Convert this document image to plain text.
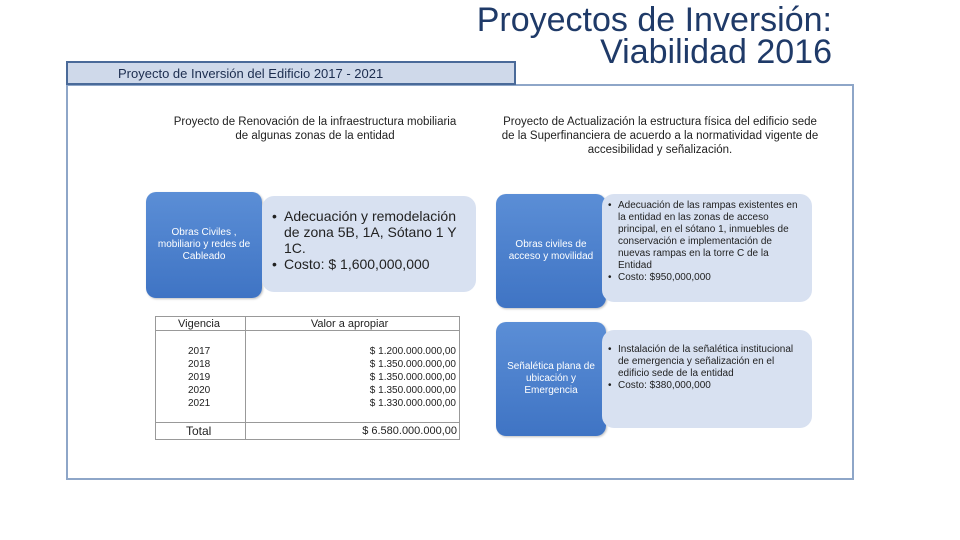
Proyectos de Inversión:
Viabilidad 2016
Proyecto de Inversión del Edificio 2017 - 2021
Proyecto de Renovación de la infraestructura mobiliaria de algunas zonas de la entidad
Obras Civiles , mobiliario y redes de Cableado
• Adecuación y remodelación de zona 5B, 1A, Sótano 1 Y 1C.
• Costo: $ 1,600,000,000
Vigencia	Valor a apropiar

2017	$ 1.200.000.000,00
2018	$ 1.350.000.000,00
2019	$ 1.350.000.000,00
2020	$ 1.350.000.000,00
2021	$ 1.330.000.000,00

Total	$ 6.580.000.000,00
Proyecto de Actualización la estructura física del edificio sede de la Superfinanciera de acuerdo a la normatividad vigente de accesibilidad y señalización.
Obras civiles de acceso y movilidad
• Adecuación de las rampas existentes en la entidad en las zonas de acceso principal, en el sótano 1, inmuebles de conservación e implementación de nuevas rampas en la torre C de la Entidad
• Costo: $950,000,000
Señalética plana de ubicación y Emergencia
• Instalación de la señalética institucional de emergencia y señalización en el edificio sede de la entidad
• Costo: $380,000,000
